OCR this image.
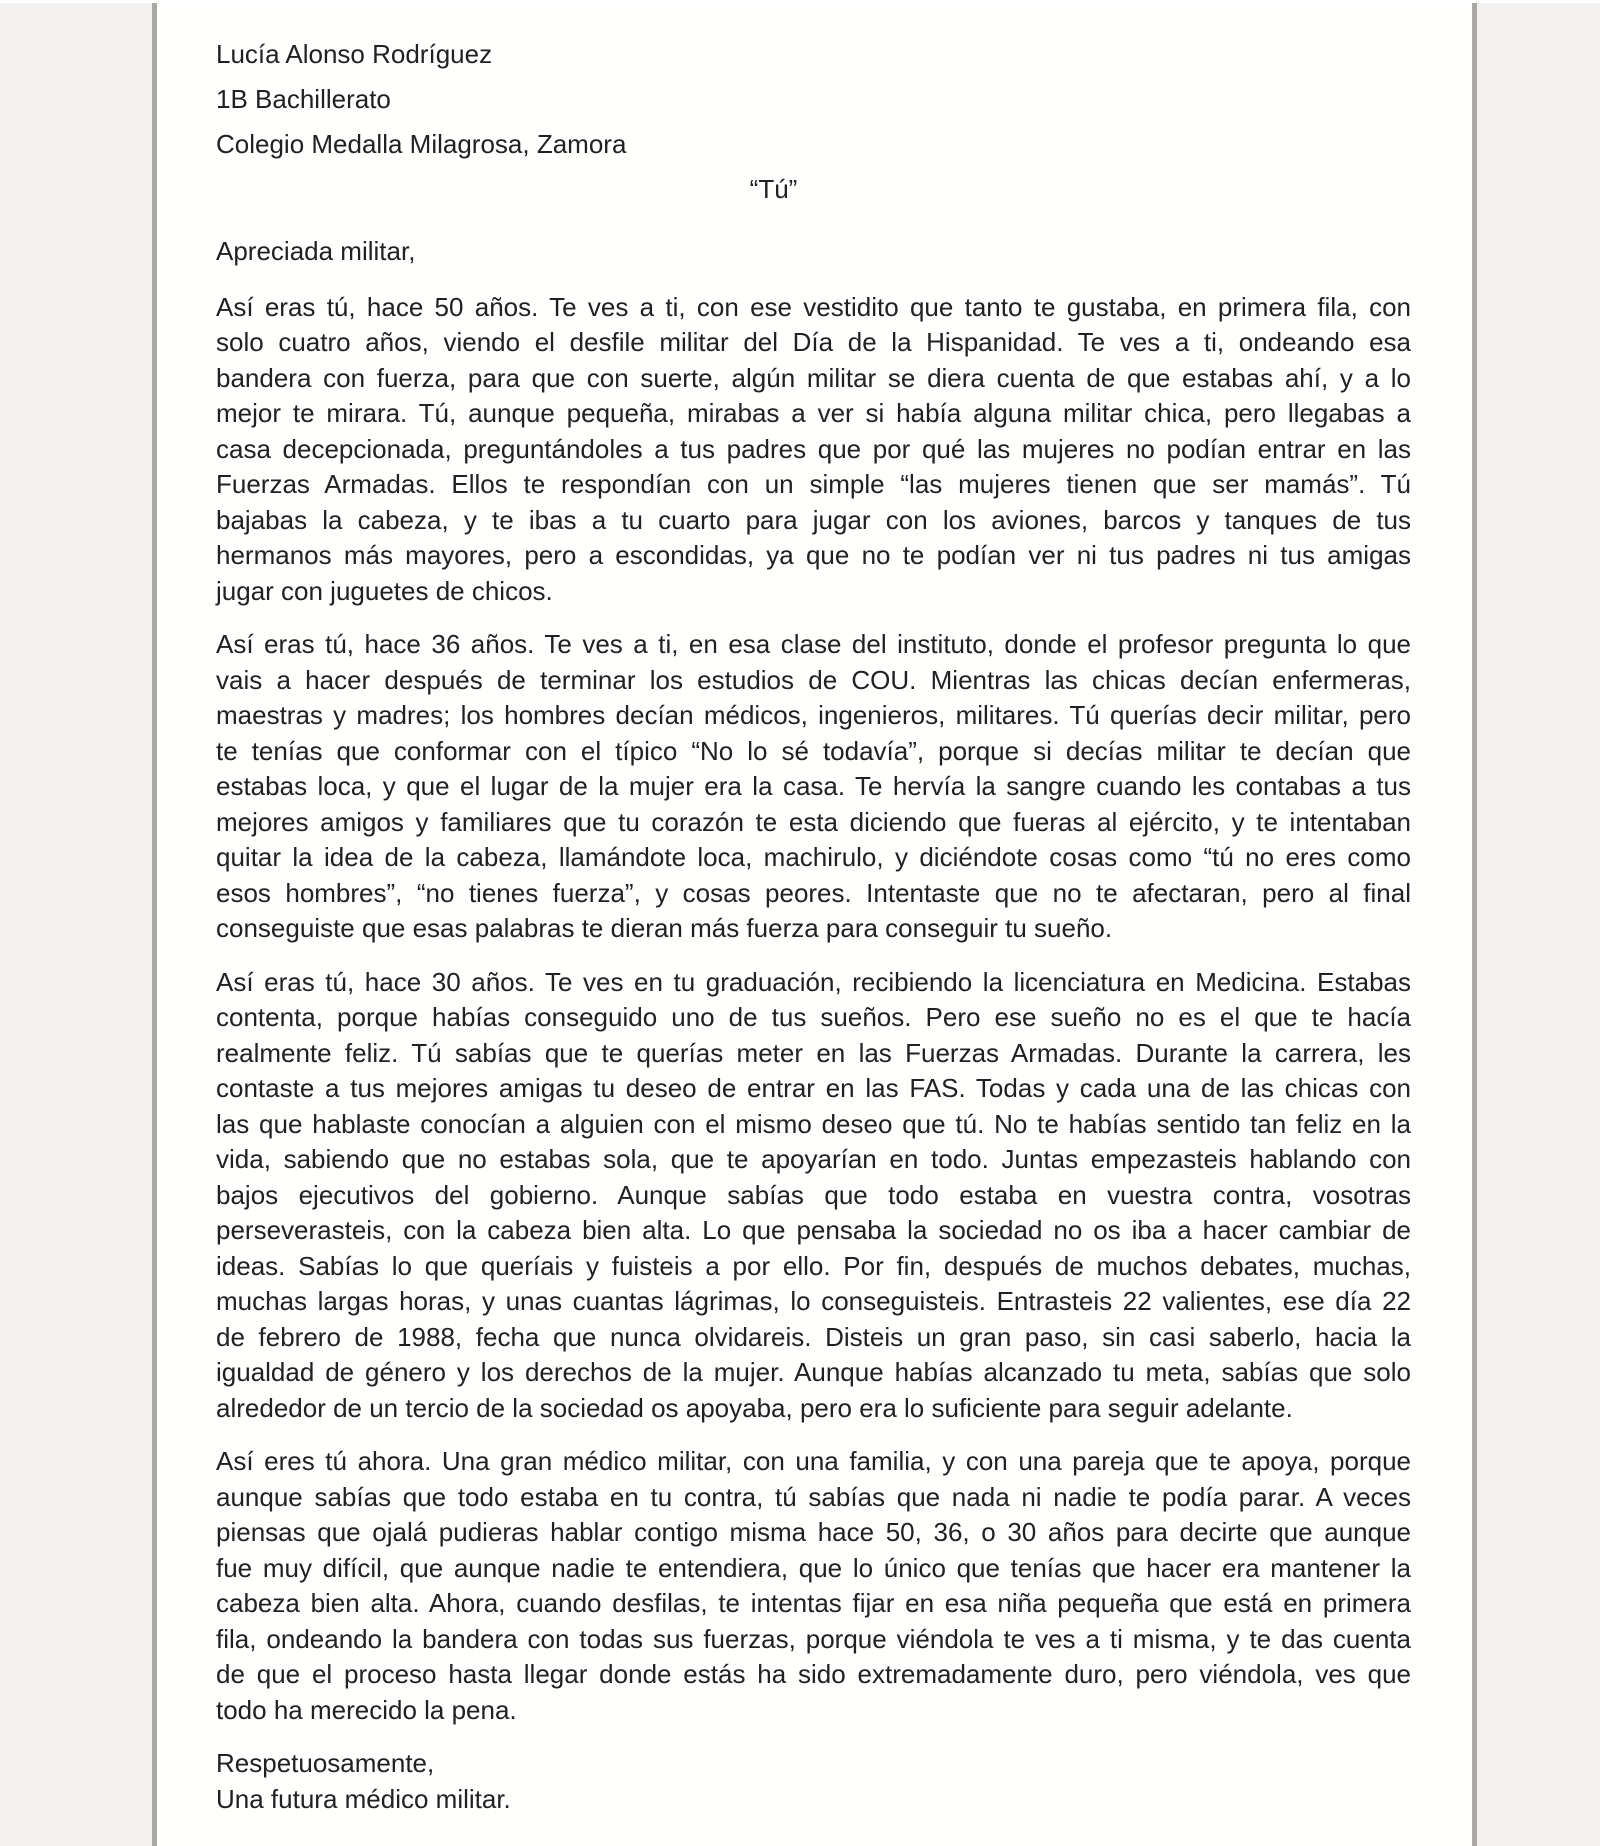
Lucía Alonso Rodríguez
1B Bachillerato
Colegio Medalla Milagrosa, Zamora
“Tú”
Apreciada militar,
Así eras tú, hace 50 años. Te ves a ti, con ese vestidito que tanto te gustaba, en primera fila, con
solo cuatro años, viendo el desfile militar del Día de la Hispanidad. Te ves a ti, ondeando esa
bandera con fuerza, para que con suerte, algún militar se diera cuenta de que estabas ahí, y a lo
mejor te mirara. Tú, aunque pequeña, mirabas a ver si había alguna militar chica, pero llegabas a
casa decepcionada, preguntándoles a tus padres que por qué las mujeres no podían entrar en las
Fuerzas Armadas. Ellos te respondían con un simple “las mujeres tienen que ser mamás”. Tú
bajabas la cabeza, y te ibas a tu cuarto para jugar con los aviones, barcos y tanques de tus
hermanos más mayores, pero a escondidas, ya que no te podían ver ni tus padres ni tus amigas
jugar con juguetes de chicos.
Así eras tú, hace 36 años. Te ves a ti, en esa clase del instituto, donde el profesor pregunta lo que
vais a hacer después de terminar los estudios de COU. Mientras las chicas decían enfermeras,
maestras y madres; los hombres decían médicos, ingenieros, militares. Tú querías decir militar, pero
te tenías que conformar con el típico “No lo sé todavía”, porque si decías militar te decían que
estabas loca, y que el lugar de la mujer era la casa. Te hervía la sangre cuando les contabas a tus
mejores amigos y familiares que tu corazón te esta diciendo que fueras al ejército, y te intentaban
quitar la idea de la cabeza, llamándote loca, machirulo, y diciéndote cosas como “tú no eres como
esos hombres”, “no tienes fuerza”, y cosas peores. Intentaste que no te afectaran, pero al final
conseguiste que esas palabras te dieran más fuerza para conseguir tu sueño.
Así eras tú, hace 30 años. Te ves en tu graduación, recibiendo la licenciatura en Medicina. Estabas
contenta, porque habías conseguido uno de tus sueños. Pero ese sueño no es el que te hacía
realmente feliz. Tú sabías que te querías meter en las Fuerzas Armadas. Durante la carrera, les
contaste a tus mejores amigas tu deseo de entrar en las FAS. Todas y cada una de las chicas con
las que hablaste conocían a alguien con el mismo deseo que tú. No te habías sentido tan feliz en la
vida, sabiendo que no estabas sola, que te apoyarían en todo. Juntas empezasteis hablando con
bajos ejecutivos del gobierno. Aunque sabías que todo estaba en vuestra contra, vosotras
perseverasteis, con la cabeza bien alta. Lo que pensaba la sociedad no os iba a hacer cambiar de
ideas. Sabías lo que queríais y fuisteis a por ello. Por fin, después de muchos debates, muchas,
muchas largas horas, y unas cuantas lágrimas, lo conseguisteis. Entrasteis 22 valientes, ese día 22
de febrero de 1988, fecha que nunca olvidareis. Disteis un gran paso, sin casi saberlo, hacia la
igualdad de género y los derechos de la mujer. Aunque habías alcanzado tu meta, sabías que solo
alrededor de un tercio de la sociedad os apoyaba, pero era lo suficiente para seguir adelante.
Así eres tú ahora. Una gran médico militar, con una familia, y con una pareja que te apoya, porque
aunque sabías que todo estaba en tu contra, tú sabías que nada ni nadie te podía parar. A veces
piensas que ojalá pudieras hablar contigo misma hace 50, 36, o 30 años para decirte que aunque
fue muy difícil, que aunque nadie te entendiera, que lo único que tenías que hacer era mantener la
cabeza bien alta. Ahora, cuando desfilas, te intentas fijar en esa niña pequeña que está en primera
fila, ondeando la bandera con todas sus fuerzas, porque viéndola te ves a ti misma, y te das cuenta
de que el proceso hasta llegar donde estás ha sido extremadamente duro, pero viéndola, ves que
todo ha merecido la pena.
Respetuosamente,
Una futura médico militar.
